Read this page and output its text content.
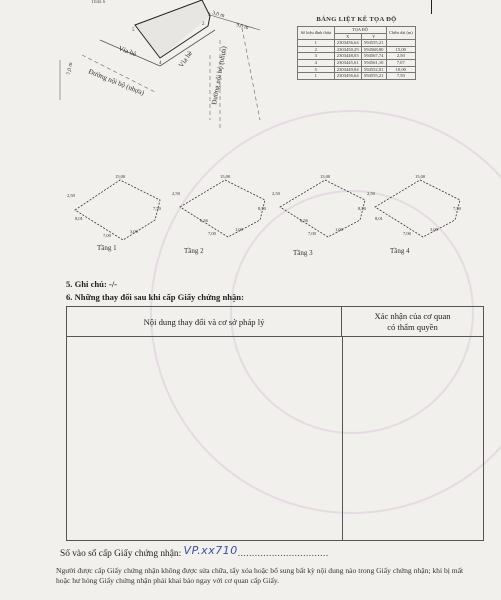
2
3
4
5
Vỉa hè	Vỉa hè
Đường nội bộ (nhựa)	Đường nội bộ (nhựa)
3,0 m
9,0 m
7,0 m
Thửa 6
BẢNG LIỆT KÊ TỌA ĐỘ
Số hiệu đỉnh thửa	TỌA ĐỘ		Chiều dài (m)
	X	Y	
1	2303456,64	594555,21	
2	2303450,29	594568,80	15,00
3	2303448,03	594567,74	2,50
4	2303445,61	594561,10	7,07
5	2303449,84	594552,01	10,00
1	2303456,64	594555,21	7,50
15,00
7,50
2,50
7,00
8,01
3,00
15,00
8,50
2,50
7,00
6,56
1,00
15,00
8,50
2,50
7,00
6,56
1,00
15,00
7,50
2,50
7,00
8,01
3,00
Tầng 1	Tầng 2	Tầng 3	Tầng 4
5. Ghi chú: -/-
6. Những thay đổi sau khi cấp Giấy chứng nhận:
Nội dung thay đổi và cơ sở pháp lý
Xác nhận của cơ quan
có thẩm quyền
Số vào sổ cấp Giấy chứng nhận: VP.xx710................................
Người được cấp Giấy chứng nhận không được sửa chữa, tẩy xóa hoặc bổ sung bất kỳ nội dung nào trong Giấy chứng nhận; khi bị mất hoặc hư hỏng Giấy chứng nhận phải khai báo ngay với cơ quan cấp Giấy.
